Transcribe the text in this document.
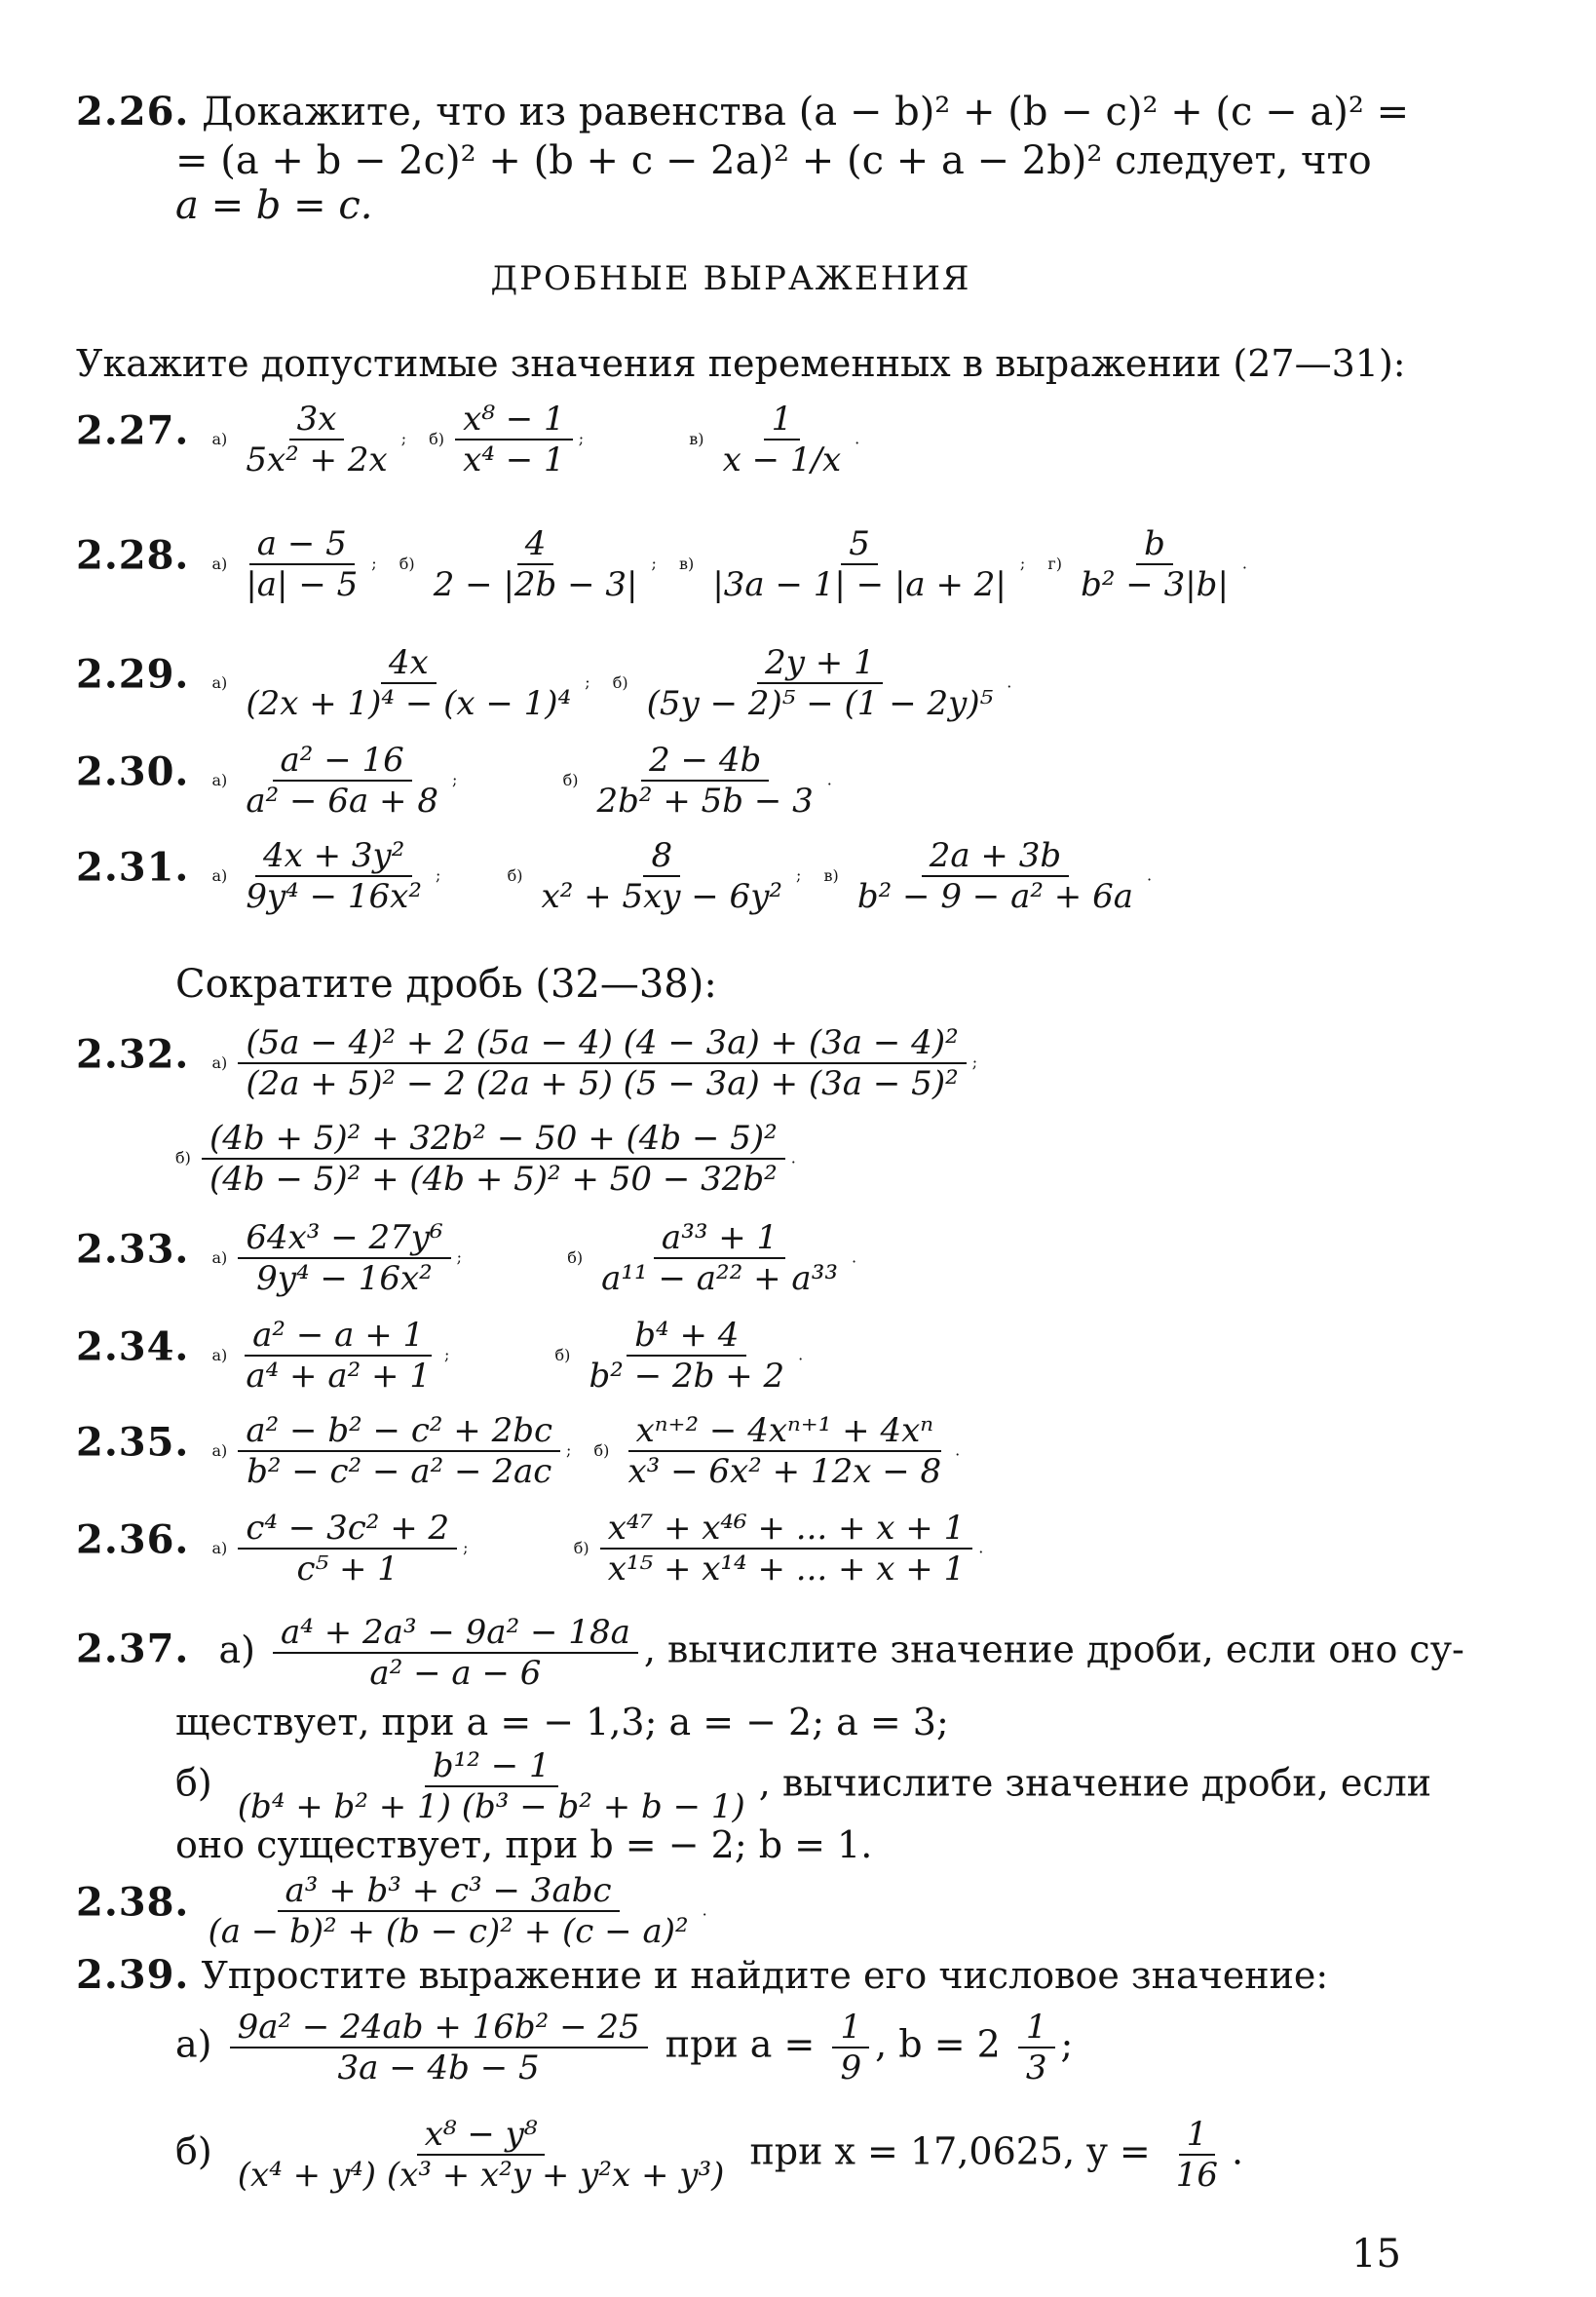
2.26. Докажите, что из равенства (a − b)² + (b − c)² + (c − a)² =
= (a + b − 2c)² + (b + c − 2a)² + (c + a − 2b)² следует, что
a = b = c.
ДРОБНЫЕ ВЫРАЖЕНИЯ
Укажите допустимые значения переменных в выражении (27—31):
2.27. $а) \frac{3x}{\text{5x² + 2x}}$ ; $б) \frac{\text{x⁸ − 1}}{\text{x⁴ − 1}}$ ;	$в) \frac{1}{x - 1/x}$ .
2.28. $а) \frac{a - 5}{|a| - 5}$ ; $б) \frac{4}{2 - |2b - 3|}$ ; $в) \frac{5}{|3a - 1| - |a + 2|}$ ; $г) \frac{b}{\text{b² − 3|b|}}$ .
2.29. $а) \frac{4x}{\text{(2x + 1)⁴ − (x − 1)⁴}}$ ; $б) \frac{2y + 1}{\text{(5y − 2)⁵ − (1 − 2y)⁵}}$ .
2.30. $а) \frac{\text{a² − 16}}{\text{a² − 6a + 8}}$ ;	$б) \frac{2 - 4b}{\text{2b² + 5b − 3}}$ .
2.31. $а) \frac{\text{4x + 3y²}}{\text{9y⁴ − 16x²}}$ ;	$б) \frac{8}{\text{x² + 5xy − 6y²}}$ ; $в) \frac{2a + 3b}{\text{b² − 9 − a² + 6a}}$ .
Сократите дробь (32—38):
2.32. $а) \frac{\text{(5a − 4)² + 2 (5a − 4) (4 − 3a) + (3a − 4)²}}{\text{(2a + 5)² − 2 (2a + 5) (5 − 3a) + (3a − 5)²}}$ ;
$б) \frac{\text{(4b + 5)² + 32b² − 50 + (4b − 5)²}}{\text{(4b − 5)² + (4b + 5)² + 50 − 32b²}}$ .
2.33. $а) \frac{\text{64x³ − 27y⁶}}{\text{9y⁴ − 16x²}}$ ;	$б) \frac{\text{a³³ + 1}}{\text{a¹¹ − a²² + a³³}}$ .
2.34. $а) \frac{\text{a² − a + 1}}{\text{a⁴ + a² + 1}}$ ;	$б) \frac{\text{b⁴ + 4}}{\text{b² − 2b + 2}}$ .
2.35. $а) \frac{\text{a² − b² − c² + 2bc}}{\text{b² − c² − a² − 2ac}}$ ; $б) \frac{\text{xⁿ⁺² − 4xⁿ⁺¹ + 4xⁿ}}{\text{x³ − 6x² + 12x − 8}}$ .
2.36. $а) \frac{\text{c⁴ − 3c² + 2}}{\text{c⁵ + 1}}$ ;	$б) \frac{\text{x⁴⁷ + x⁴⁶ + ... + x + 1}}{\text{x¹⁵ + x¹⁴ + ... + x + 1}}$ .
2.37. $а) \frac{\text{a⁴ + 2a³ − 9a² − 18a}}{\text{a² − a − 6}}$ , вычислите значение дроби, если оно су-
ществует, при a = − 1,3; a = − 2; a = 3;
$б) \frac{\text{b¹² − 1}}{\text{(b⁴ + b² + 1) (b³ − b² + b − 1)}}$ , вычислите значение дроби, если
оно существует, при b = − 2; b = 1.
2.38. $\frac{\text{a³ + b³ + c³ − 3abc}}{\text{(a − b)² + (b − c)² + (c − a)²}}$ .
2.39. Упростите выражение и найдите его числовое значение:
$а) \frac{\text{9a² − 24ab + 16b² − 25}}{3a - 4b - 5}$ при $a = \frac{1}{9}$ , $b = 2 \frac{1}{3}$ ;
$б) \frac{\text{x⁸ − y⁸}}{\text{(x⁴ + y⁴) (x³ + x²y + y²x + y³)}}$ при x = 17,0625, $y = \frac{1}{16}$ .
15
